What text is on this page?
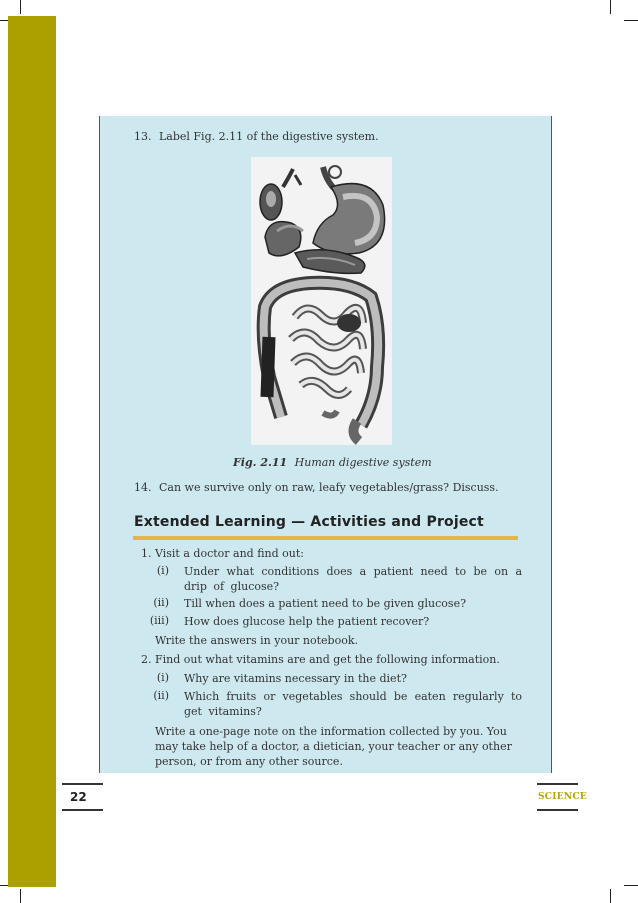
13. Label Fig. 2.11 of the digestive system.
Fig. 2.11 Human digestive system
14. Can we survive only on raw, leafy vegetables/grass? Discuss.
Extended Learning — Activities and Project
1. Visit a doctor and find out:
(i) Under what conditions does a patient need to be on a drip of glucose?
(ii) Till when does a patient need to be given glucose?
(iii) How does glucose help the patient recover?
Write the answers in your notebook.
2. Find out what vitamins are and get the following information.
(i) Why are vitamins necessary in the diet?
(ii) Which fruits or vegetables should be eaten regularly to get vitamins?
Write a one-page note on the information collected by you. You may take help of a doctor, a dietician, your teacher or any other person, or from any other source.
22	SCIENCE
